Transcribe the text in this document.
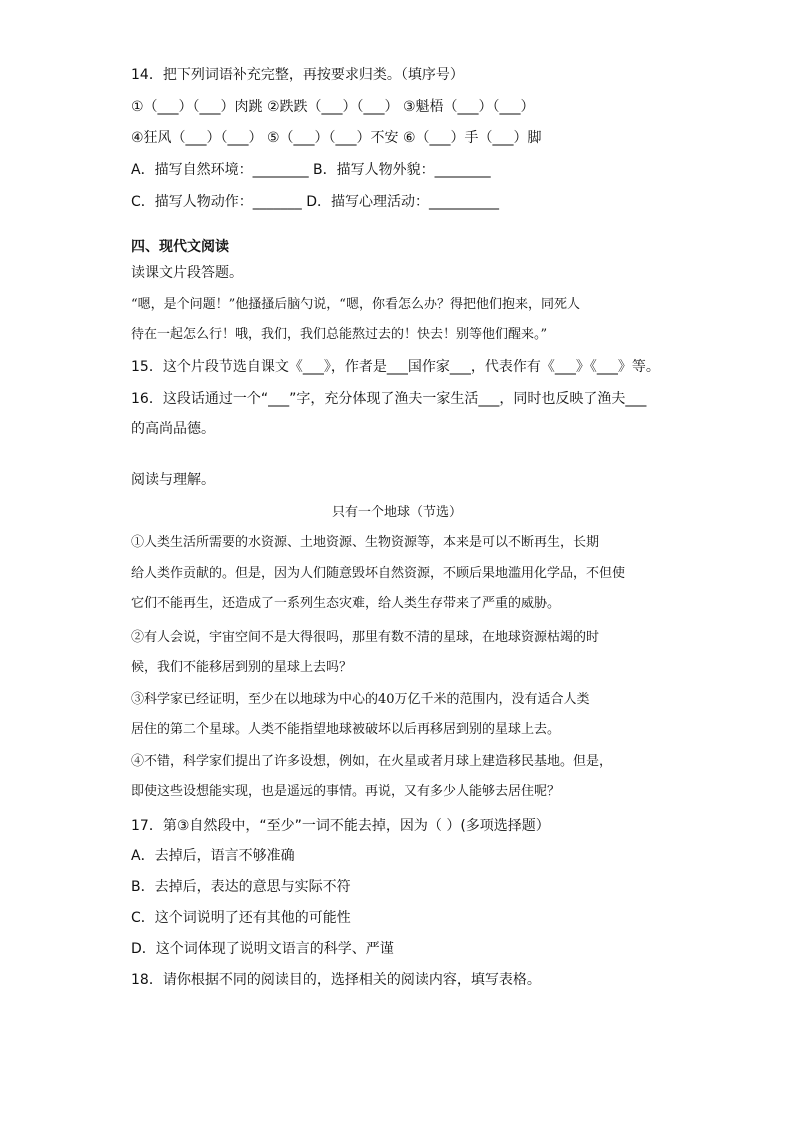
14．把下列词语补充完整，再按要求归类。（填序号）
①（___）（___）肉跳 ②跌跌（___）（___） ③魁梧（___）（___）
④狂风（___）（___） ⑤（___）（___）不安 ⑥（___）手（___）脚
A．描写自然环境：________ B．描写人物外貌：________
C．描写人物动作：_______ D．描写心理活动：__________
四、现代文阅读
读课文片段答题。
“嗯，是个问题！”他搔搔后脑勺说，“嗯，你看怎么办？得把他们抱来，同死人
待在一起怎么行！哦，我们，我们总能熬过去的！快去！别等他们醒来。”
15．这个片段节选自课文《___》，作者是___国作家___，代表作有《___》《___》等。
16．这段话通过一个“___”字，充分体现了渔夫一家生活___，同时也反映了渔夫___
的高尚品德。
阅读与理解。
只有一个地球（节选）
①人类生活所需要的水资源、土地资源、生物资源等，本来是可以不断再生，长期
给人类作贡献的。但是，因为人们随意毁坏自然资源，不顾后果地滥用化学品，不但使
它们不能再生，还造成了一系列生态灾难，给人类生存带来了严重的威胁。
②有人会说，宇宙空间不是大得很吗，那里有数不清的星球，在地球资源枯竭的时
候，我们不能移居到别的星球上去吗？
③科学家已经证明，至少在以地球为中心的40万亿千米的范围内，没有适合人类
居住的第二个星球。人类不能指望地球被破坏以后再移居到别的星球上去。
④不错，科学家们提出了许多设想，例如，在火星或者月球上建造移民基地。但是，
即使这些设想能实现，也是遥远的事情。再说，又有多少人能够去居住呢？
17．第③自然段中，“至少”一词不能去掉，因为（ ）(多项选择题）
A．去掉后，语言不够准确
B．去掉后，表达的意思与实际不符
C．这个词说明了还有其他的可能性
D．这个词体现了说明文语言的科学、严谨
18．请你根据不同的阅读目的，选择相关的阅读内容，填写表格。
